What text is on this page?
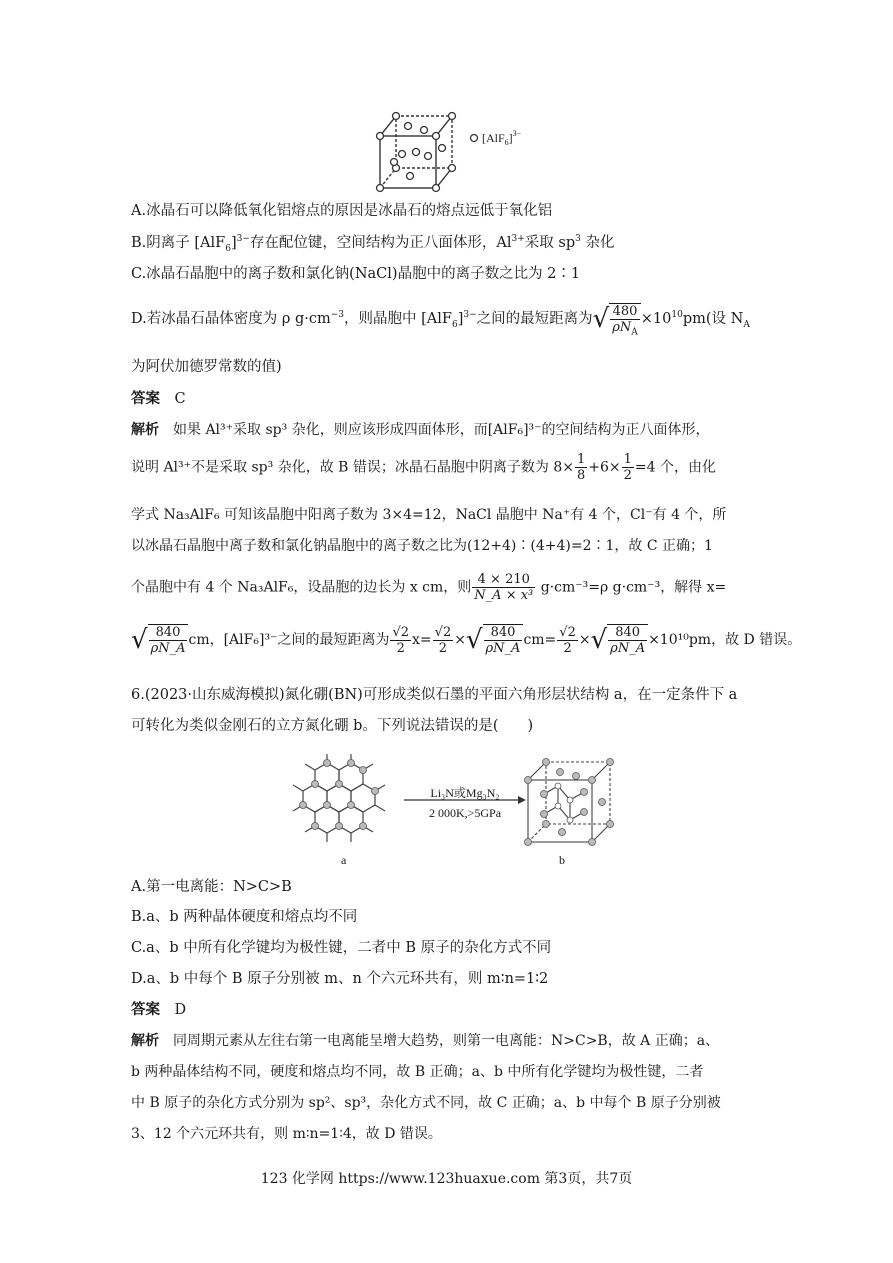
$[AlF_6]^{3-}$
A.冰晶石可以降低氧化铝熔点的原因是冰晶石的熔点远低于氧化铝
B.阴离子 $[AlF_6]^{3-}$存在配位键，空间结构为正八面体形，$Al^{3+}$采取 $sp^3$ 杂化
C.冰晶石晶胞中的离子数和氯化钠(NaCl)晶胞中的离子数之比为 2∶1
D.若冰晶石晶体密度为 ρ $g\cdot cm^{-3}$，则晶胞中 $[AlF_6]^{3-}$之间的最短距离为√ $\frac{480}{\rho N_A} \times 10^{10}pm$(设 $N_A$
为阿伏加德罗常数的值)
答案　 C
解析　 如果 Al³⁺采取 sp³ 杂化，则应该形成四面体形，而[AlF₆]³⁻的空间结构为正八面体形，
说明 Al³⁺不是采取 sp³ 杂化，故 B 错误；冰晶石晶胞中阴离子数为 $8\times \frac{1}{8} +6\times \frac{1}{2} =4$ 个，由化
学式 Na₃AlF₆ 可知该晶胞中阳离子数为 3×4=12，NaCl 晶胞中 Na⁺有 4 个，Cl⁻有 4 个，所
以冰晶石晶胞中离子数和氯化钠晶胞中的离子数之比为(12+4)∶(4+4)=2∶1，故 C 正确；1
个晶胞中有 4 个 Na₃AlF₆，设晶胞的边长为 x cm，则 $\frac{4 \times 210}{\text{N\_A × x³}} g\cdot cm^{-3}=\rho$ g·cm⁻³，解得 x=
√ $\frac{840}{\rho N\_A}$ cm，[AlF₆]³⁻之间的最短距离为 $\frac{√2}{2} x= \frac{√2}{2}$ ×√ $\frac{840}{\rho N\_A} cm= \frac{√2}{2}$ ×√ $\frac{840}{\rho N\_A} \times 10^{10}pm$，故 D 错误。
6.(2023·山东威海模拟)氮化硼(BN)可形成类似石墨的平面六角形层状结构 a，在一定条件下 a
可转化为类似金刚石的立方氮化硼 b。下列说法错误的是(　　)
a
Li₃N或Mg₃N₂
2 000K,>5GPa
b
A.第一电离能：N>C>B
B.a、b 两种晶体硬度和熔点均不同
C.a、b 中所有化学键均为极性键，二者中 B 原子的杂化方式不同
D.a、b 中每个 B 原子分别被 m、n 个六元环共有，则 m∶n=1∶2
答案　 D
解析　 同周期元素从左往右第一电离能呈增大趋势，则第一电离能：N>C>B，故 A 正确；a、
b 两种晶体结构不同，硬度和熔点均不同，故 B 正确；a、b 中所有化学键均为极性键，二者
中 B 原子的杂化方式分别为 sp²、sp³，杂化方式不同，故 C 正确；a、b 中每个 B 原子分别被
3、12 个六元环共有，则 m∶n=1∶4，故 D 错误。
123 化学网 https://www.123huaxue.com 第3页，共7页
